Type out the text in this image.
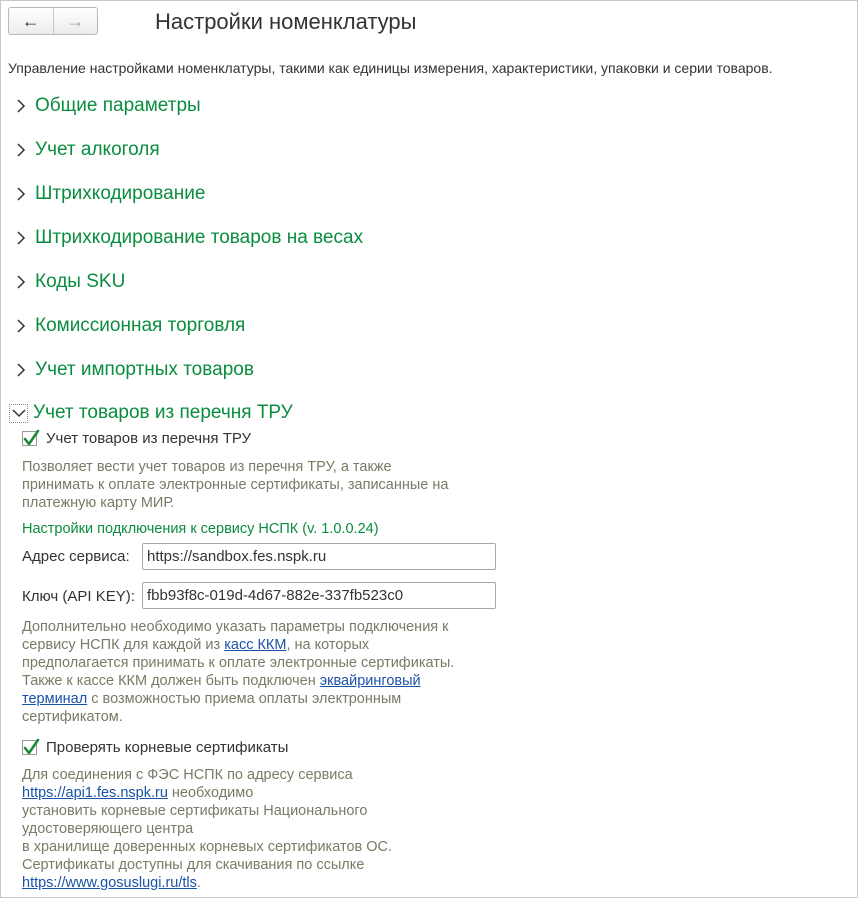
← →	Настройки номенклатуры
Управление настройками номенклатуры, такими как единицы измерения, характеристики, упаковки и серии товаров.
Общие параметры
Учет алкоголя
Штрихкодирование
Штрихкодирование товаров на весах
Коды SKU
Комиссионная торговля
Учет импортных товаров
Учет товаров из перечня ТРУ
Учет товаров из перечня ТРУ
Позволяет вести учет товаров из перечня ТРУ, а также
принимать к оплате электронные сертификаты, записанные на
платежную карту МИР.
Настройки подключения к сервису НСПК (v. 1.0.0.24)
Адрес сервиса:	https://sandbox.fes.nspk.ru
Ключ (API KEY): fbb93f8c-019d-4d67-882e-337fb523c0
Дополнительно необходимо указать параметры подключения к
сервису НСПК для каждой из касс ККМ, на которых
предполагается принимать к оплате электронные сертификаты.
Также к кассе ККМ должен быть подключен эквайринговый
терминал с возможностью приема оплаты электронным
сертификатом.
Проверять корневые сертификаты
Для соединения с ФЭС НСПК по адресу сервиса
https://api1.fes.nspk.ru необходимо
установить корневые сертификаты Национального
удостоверяющего центра
в хранилище доверенных корневых сертификатов ОС.
Сертификаты доступны для скачивания по ссылке
https://www.gosuslugi.ru/tls.
